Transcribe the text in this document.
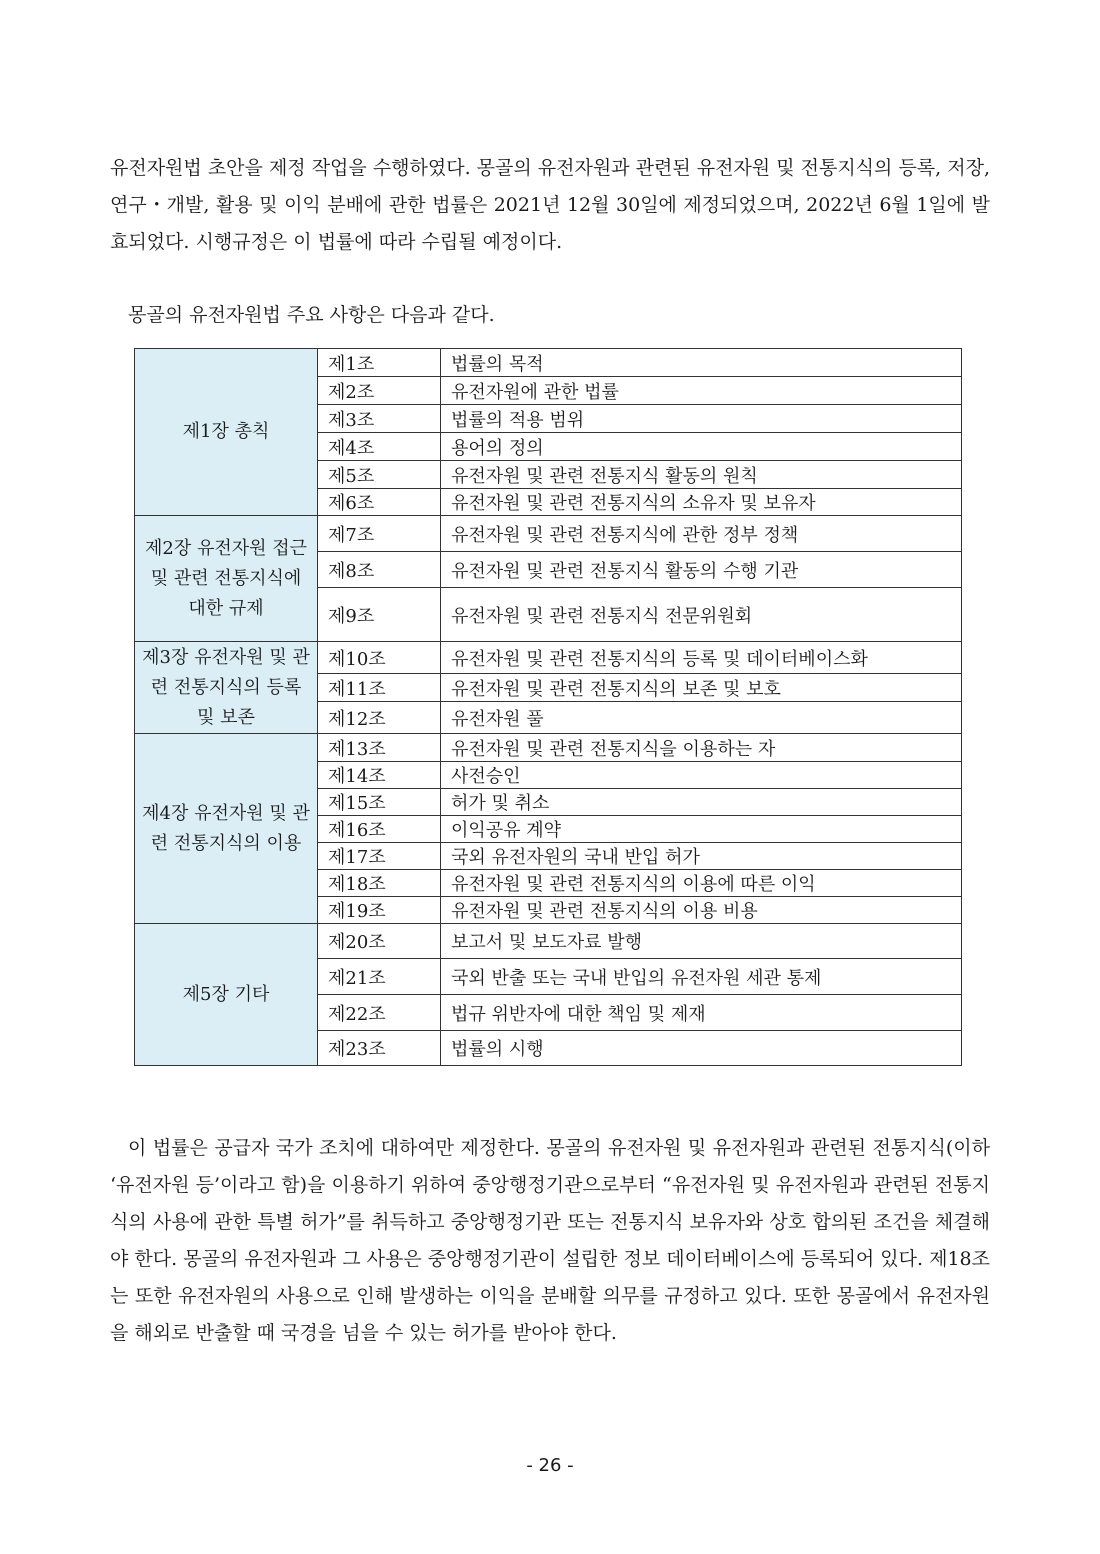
유전자원법 초안을 제정 작업을 수행하였다. 몽골의 유전자원과 관련된 유전자원 및 전통지식의 등록, 저장, 연구・개발, 활용 및 이익 분배에 관한 법률은 2021년 12월 30일에 제정되었으며, 2022년 6월 1일에 발효되었다. 시행규정은 이 법률에 따라 수립될 예정이다.

몽골의 유전자원법 주요 사항은 다음과 같다.

제1장 총칙	제1조	법률의 목적
	제2조	유전자원에 관한 법률
	제3조	법률의 적용 범위
	제4조	용어의 정의
	제5조	유전자원 및 관련 전통지식 활동의 원칙
	제6조	유전자원 및 관련 전통지식의 소유자 및 보유자
제2장 유전자원 접근 및 관련 전통지식에 대한 규제	제7조	유전자원 및 관련 전통지식에 관한 정부 정책
	제8조	유전자원 및 관련 전통지식 활동의 수행 기관
	제9조	유전자원 및 관련 전통지식 전문위원회
제3장 유전자원 및 관련 전통지식의 등록 및 보존	제10조	유전자원 및 관련 전통지식의 등록 및 데이터베이스화
	제11조	유전자원 및 관련 전통지식의 보존 및 보호
	제12조	유전자원 풀
제4장 유전자원 및 관련 전통지식의 이용	제13조	유전자원 및 관련 전통지식을 이용하는 자
	제14조	사전승인
	제15조	허가 및 취소
	제16조	이익공유 계약
	제17조	국외 유전자원의 국내 반입 허가
	제18조	유전자원 및 관련 전통지식의 이용에 따른 이익
	제19조	유전자원 및 관련 전통지식의 이용 비용
제5장 기타	제20조	보고서 및 보도자료 발행
	제21조	국외 반출 또는 국내 반입의 유전자원 세관 통제
	제22조	법규 위반자에 대한 책임 및 제재
	제23조	법률의 시행

이 법률은 공급자 국가 조치에 대하여만 제정한다. 몽골의 유전자원 및 유전자원과 관련된 전통지식(이하 ‘유전자원 등’이라고 함)을 이용하기 위하여 중앙행정기관으로부터 “유전자원 및 유전자원과 관련된 전통지식의 사용에 관한 특별 허가”를 취득하고 중앙행정기관 또는 전통지식 보유자와 상호 합의된 조건을 체결해야 한다. 몽골의 유전자원과 그 사용은 중앙행정기관이 설립한 정보 데이터베이스에 등록되어 있다. 제18조는 또한 유전자원의 사용으로 인해 발생하는 이익을 분배할 의무를 규정하고 있다. 또한 몽골에서 유전자원을 해외로 반출할 때 국경을 넘을 수 있는 허가를 받아야 한다.

- 26 -
